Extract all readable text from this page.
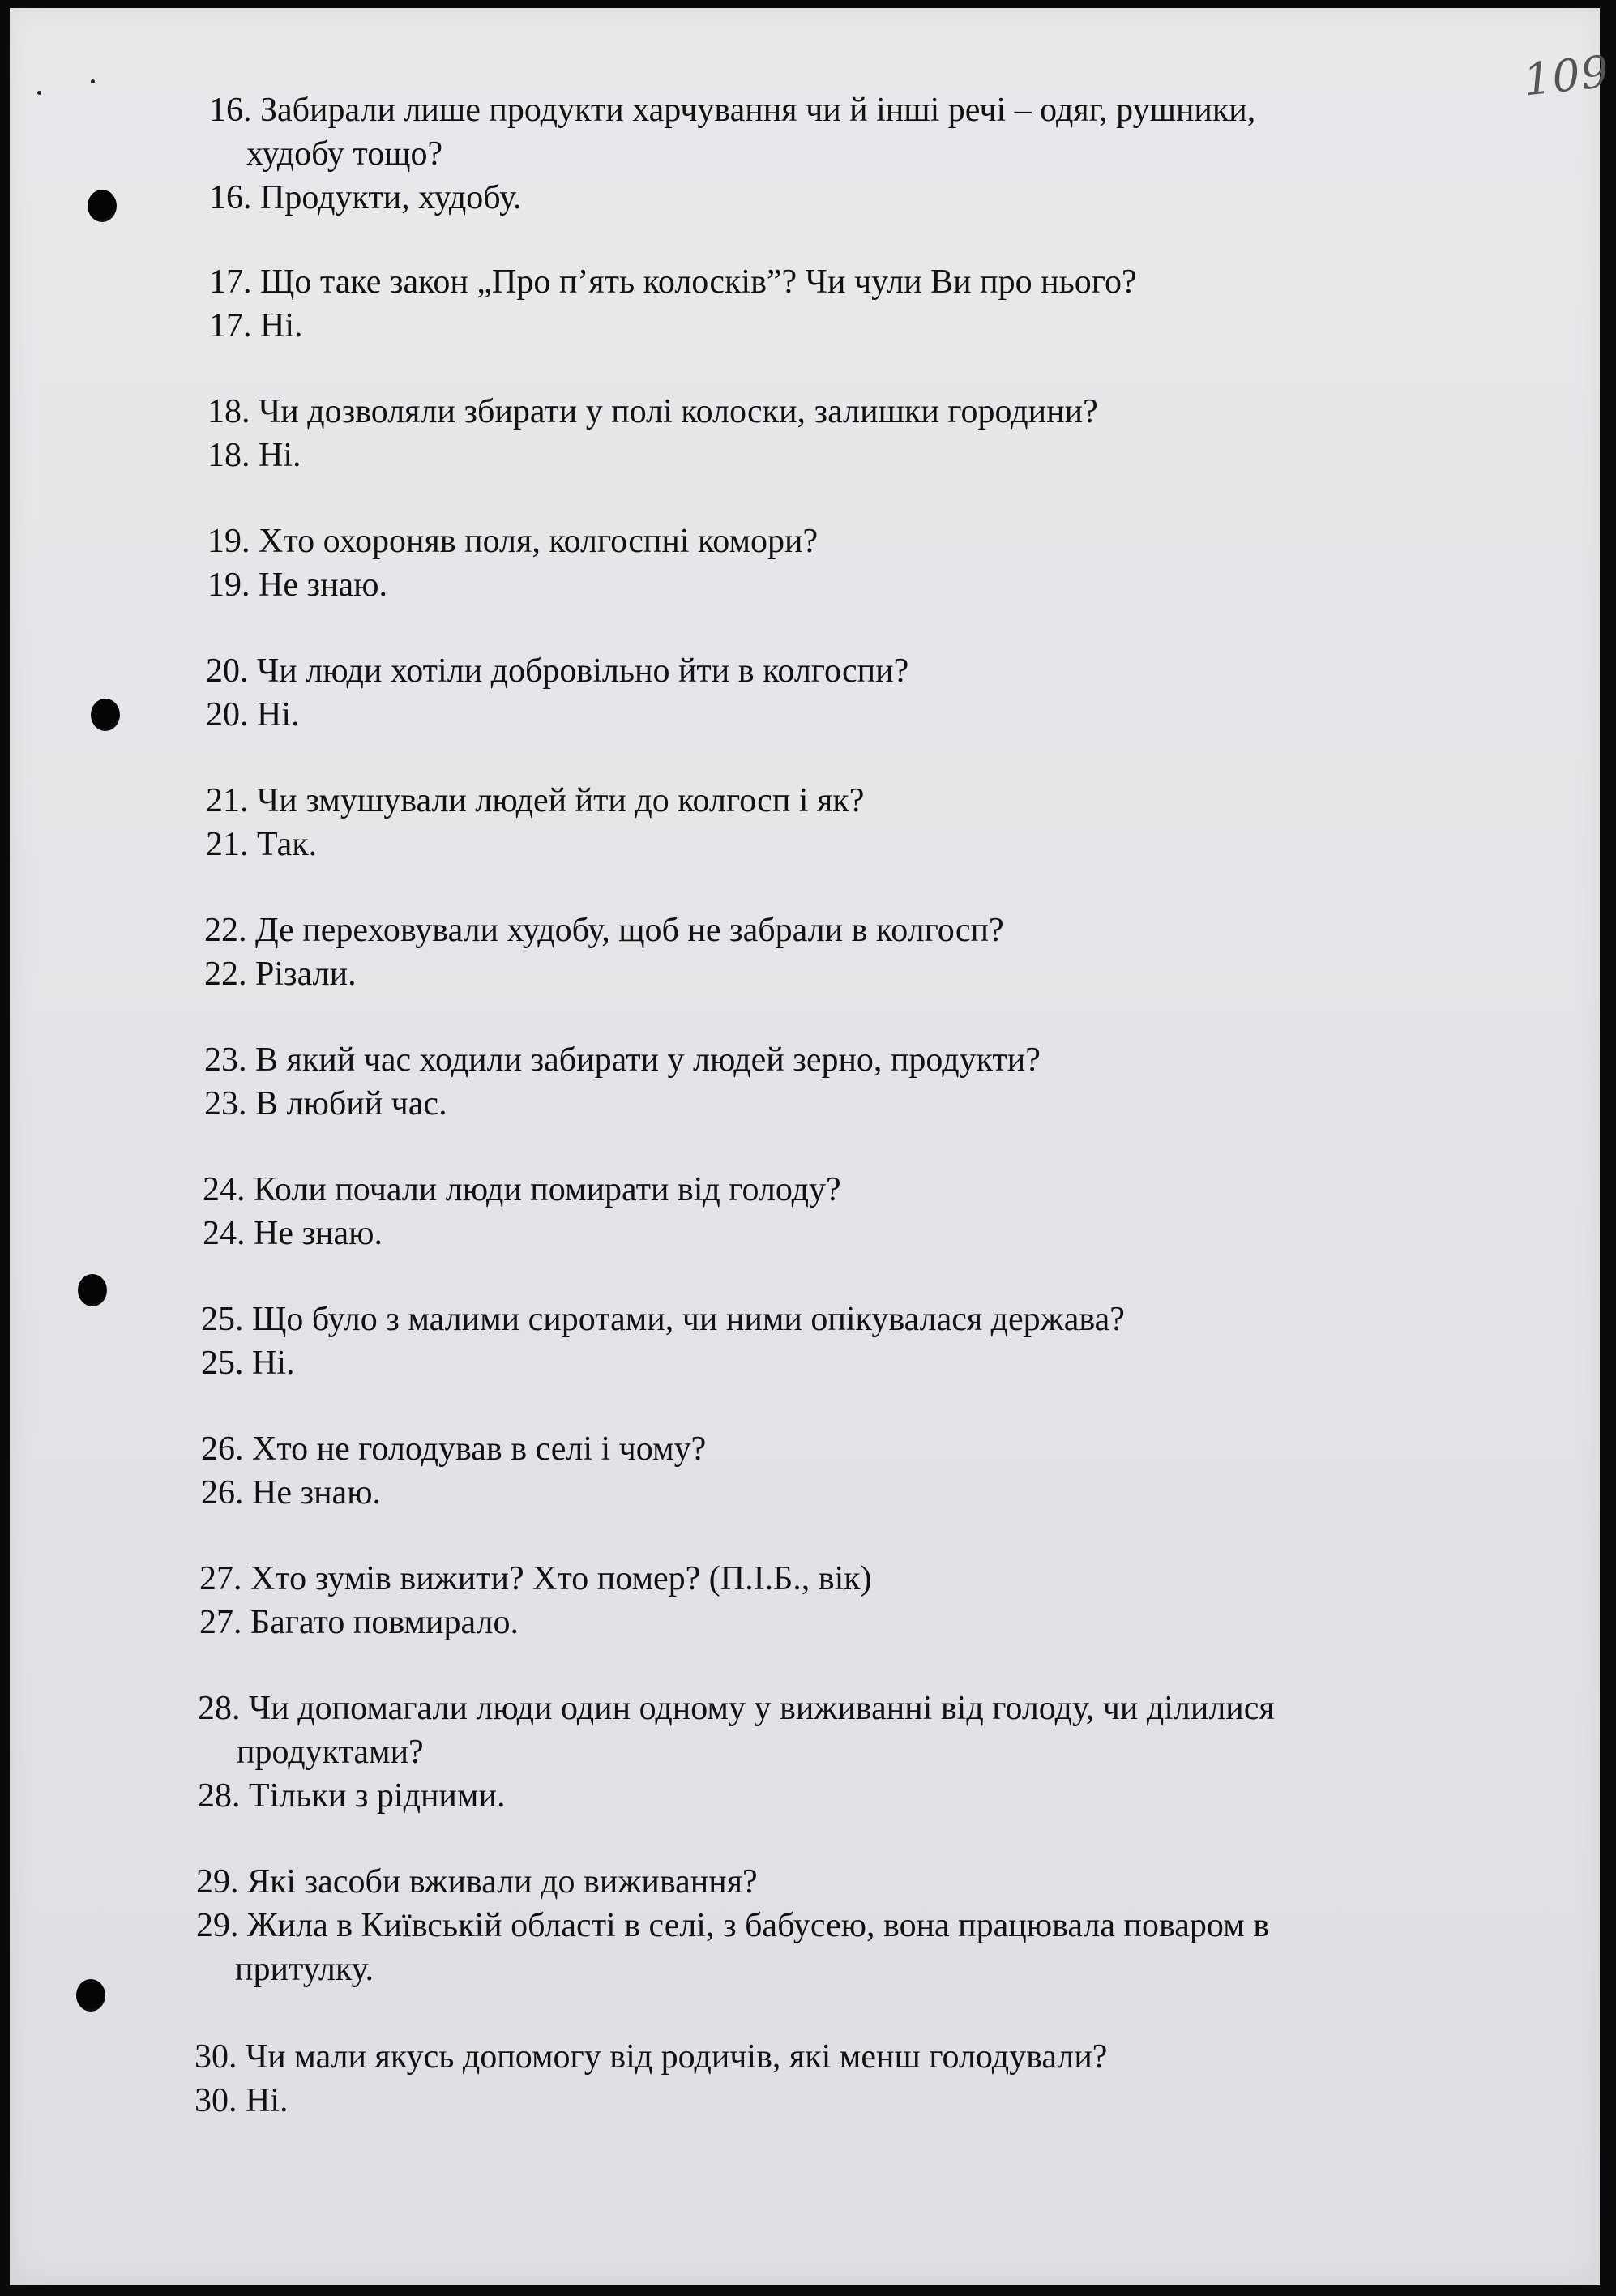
109
16. Забирали лише продукти харчування чи й інші речі – одяг, рушники,
худобу тощо?
16. Продукти, худобу.
17. Що таке закон „Про п’ять колосків”? Чи чули Ви про нього?
17. Ні.
18. Чи дозволяли збирати у полі колоски, залишки городини?
18. Ні.
19. Хто охороняв поля, колгоспні комори?
19. Не знаю.
20. Чи люди хотіли добровільно йти в колгоспи?
20. Ні.
21. Чи змушували людей йти до колгосп і як?
21. Так.
22. Де переховували худобу, щоб не забрали в колгосп?
22. Різали.
23. В який час ходили забирати у людей зерно, продукти?
23. В любий час.
24. Коли почали люди помирати від голоду?
24. Не знаю.
25. Що було з малими сиротами, чи ними опікувалася держава?
25. Ні.
26. Хто не голодував в селі і чому?
26. Не знаю.
27. Хто зумів вижити? Хто помер? (П.І.Б., вік)
27. Багато повмирало.
28. Чи допомагали люди один одному у виживанні від голоду, чи ділилися
продуктами?
28. Тільки з рідними.
29. Які засоби вживали до виживання?
29. Жила в Київській області в селі, з бабусею, вона працювала поваром в
притулку.
30. Чи мали якусь допомогу від родичів, які менш голодували?
30. Ні.
